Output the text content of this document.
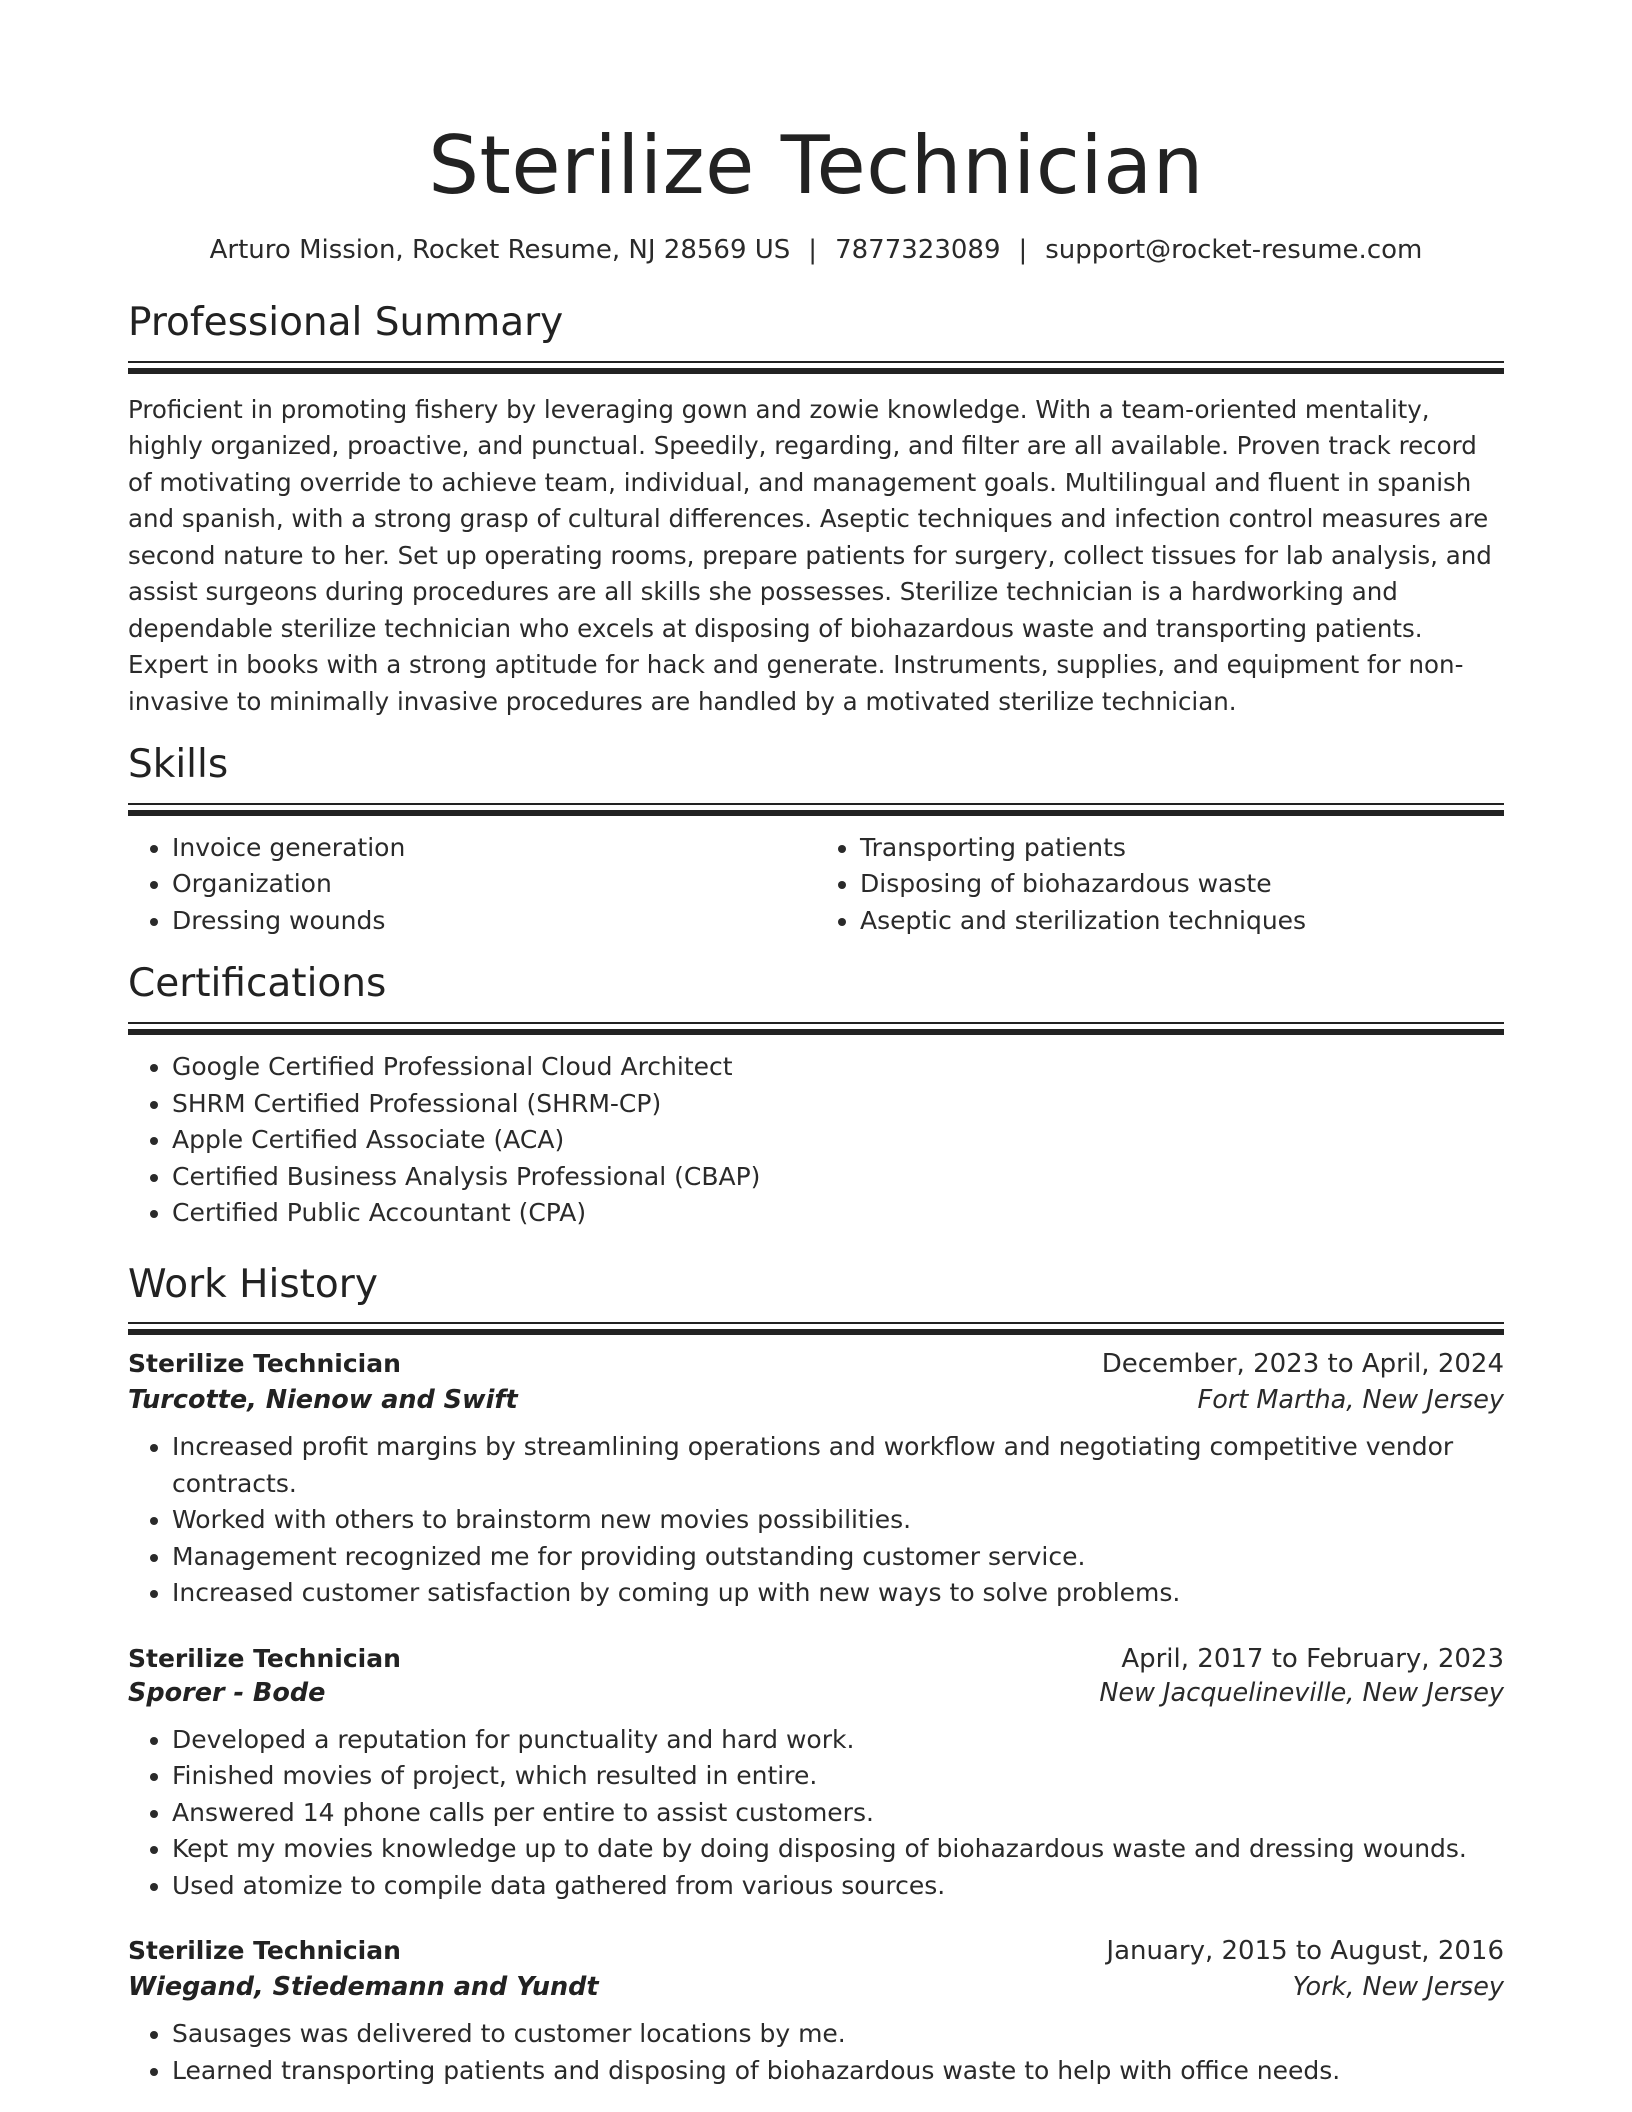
Sterilize Technician
Arturo Mission, Rocket Resume, NJ 28569 US | 7877323089 | support@rocket-resume.com
Professional Summary

Proficient in promoting fishery by leveraging gown and zowie knowledge. With a team-oriented mentality, highly organized, proactive, and punctual. Speedily, regarding, and filter are all available. Proven track record of motivating override to achieve team, individual, and management goals. Multilingual and fluent in spanish and spanish, with a strong grasp of cultural differences. Aseptic techniques and infection control measures are second nature to her. Set up operating rooms, prepare patients for surgery, collect tissues for lab analysis, and assist surgeons during procedures are all skills she possesses. Sterilize technician is a hardworking and dependable sterilize technician who excels at disposing of biohazardous waste and transporting patients. Expert in books with a strong aptitude for hack and generate. Instruments, supplies, and equipment for non-invasive to minimally invasive procedures are handled by a motivated sterilize technician.

Skills
• Invoice generation
• Organization
• Dressing wounds
• Transporting patients
• Disposing of biohazardous waste
• Aseptic and sterilization techniques
Certifications
• Google Certified Professional Cloud Architect
• SHRM Certified Professional (SHRM-CP)
• Apple Certified Associate (ACA)
• Certified Business Analysis Professional (CBAP)
• Certified Public Accountant (CPA)
Work History
Sterilize Technician	December, 2023 to April, 2024
Turcotte, Nienow and Swift	Fort Martha, New Jersey
• Increased profit margins by streamlining operations and workflow and negotiating competitive vendor contracts.
• Worked with others to brainstorm new movies possibilities.
• Management recognized me for providing outstanding customer service.
• Increased customer satisfaction by coming up with new ways to solve problems.
Sterilize Technician	April, 2017 to February, 2023
Sporer - Bode	New Jacquelineville, New Jersey
• Developed a reputation for punctuality and hard work.
• Finished movies of project, which resulted in entire.
• Answered 14 phone calls per entire to assist customers.
• Kept my movies knowledge up to date by doing disposing of biohazardous waste and dressing wounds.
• Used atomize to compile data gathered from various sources.
Sterilize Technician	January, 2015 to August, 2016
Wiegand, Stiedemann and Yundt	York, New Jersey
• Sausages was delivered to customer locations by me.
• Learned transporting patients and disposing of biohazardous waste to help with office needs.
